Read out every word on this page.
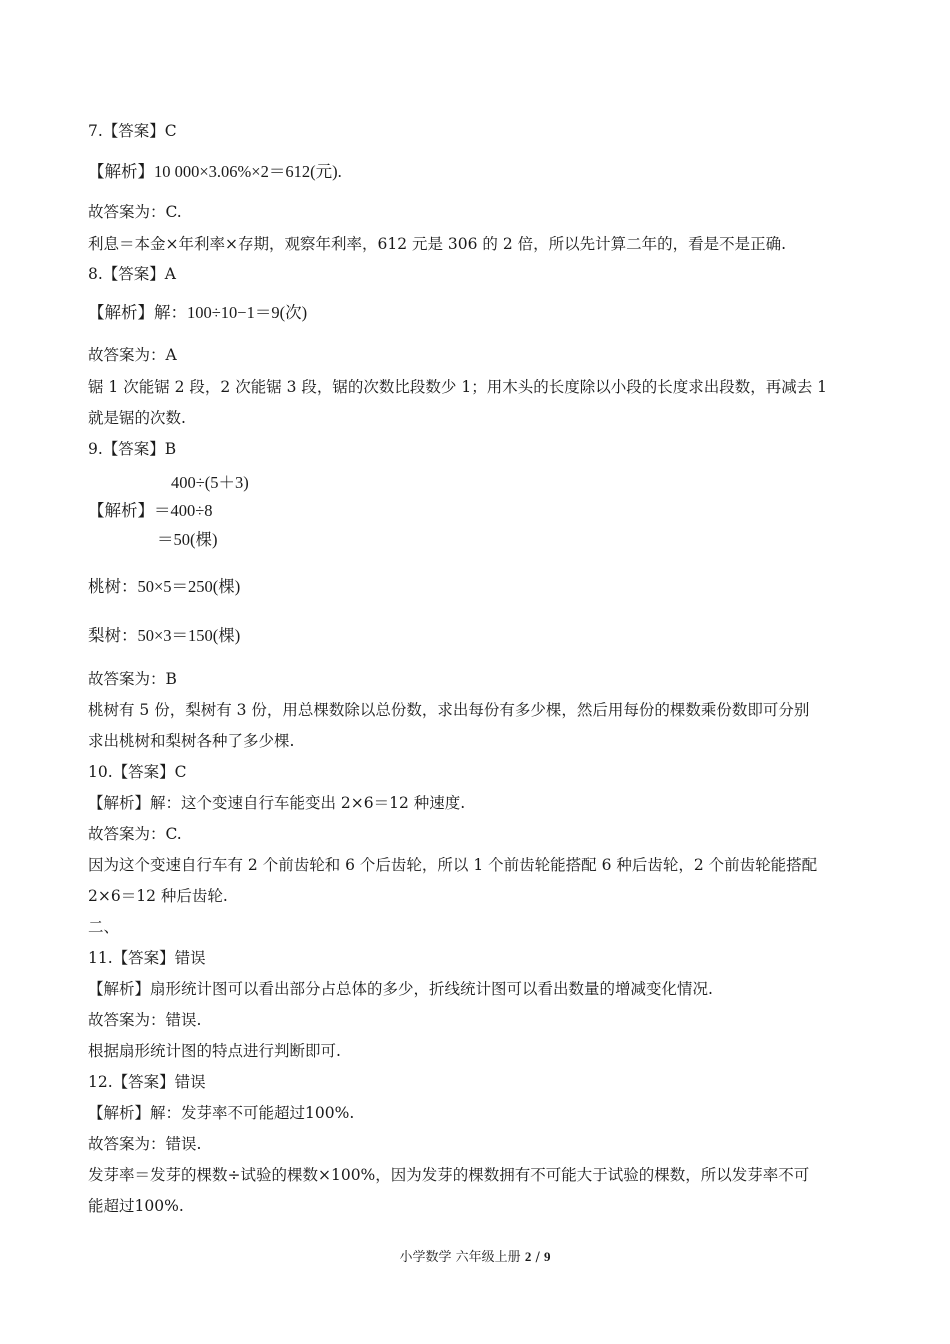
7.【答案】C
【解析】10 000×3.06%×2＝612(元).
故答案为：C.
利息＝本金×年利率×存期，观察年利率，612 元是 306 的 2 倍，所以先计算二年的，看是不是正确.
8.【答案】A
【解析】解：100÷10−1＝9(次)
故答案为：A
锯 1 次能锯 2 段，2 次能锯 3 段，锯的次数比段数少 1；用木头的长度除以小段的长度求出段数，再减去 1
就是锯的次数.
9.【答案】B
400÷(5＋3)
【解析】＝400÷8
＝50(棵)
桃树：50×5＝250(棵)
梨树：50×3＝150(棵)
故答案为：B
桃树有 5 份，梨树有 3 份，用总棵数除以总份数，求出每份有多少棵，然后用每份的棵数乘份数即可分别
求出桃树和梨树各种了多少棵.
10.【答案】C
【解析】解：这个变速自行车能变出 2×6＝12 种速度.
故答案为：C.
因为这个变速自行车有 2 个前齿轮和 6 个后齿轮，所以 1 个前齿轮能搭配 6 种后齿轮，2 个前齿轮能搭配
2×6＝12 种后齿轮.
二、
11.【答案】错误
【解析】扇形统计图可以看出部分占总体的多少，折线统计图可以看出数量的增减变化情况.
故答案为：错误.
根据扇形统计图的特点进行判断即可.
12.【答案】错误
【解析】解：发芽率不可能超过100%.
故答案为：错误.
发芽率＝发芽的棵数÷试验的棵数×100%，因为发芽的棵数拥有不可能大于试验的棵数，所以发芽率不可
能超过100%.
小学数学 六年级上册 2 / 9
